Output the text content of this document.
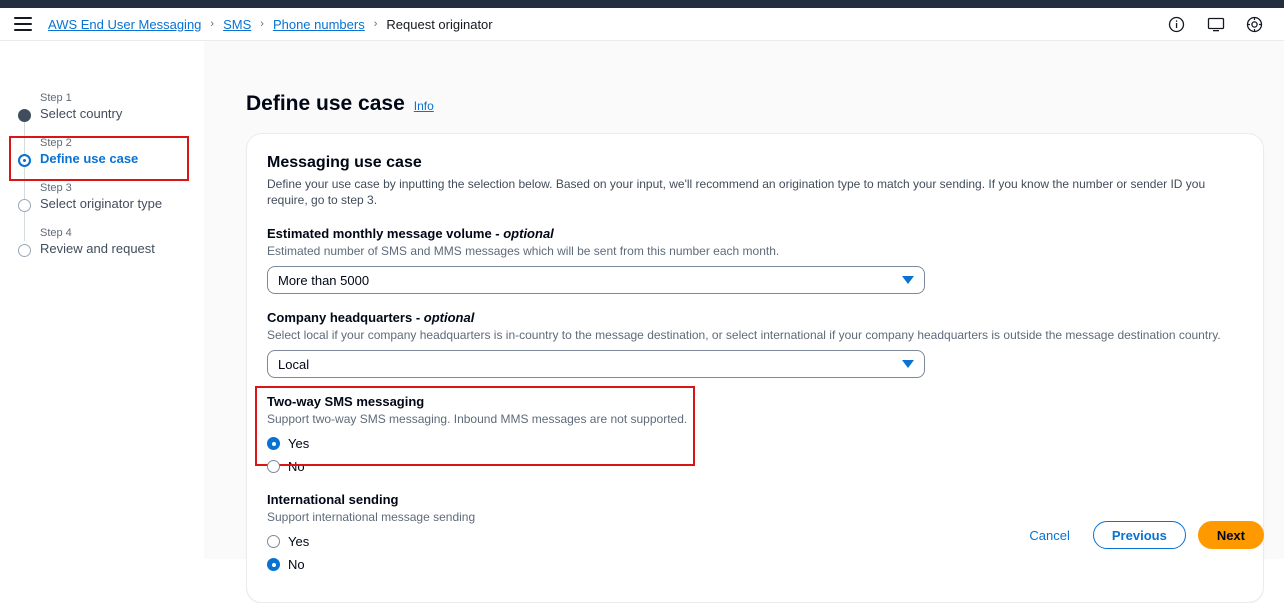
AWS End User Messaging › SMS › Phone numbers › Request originator
Step 1
Select country
Step 2
Define use case
Step 3
Select originator type
Step 4
Review and request
Define use case Info
Messaging use case

Define your use case by inputting the selection below. Based on your input, we'll recommend an origination type to match your sending. If you know the number or sender ID you require, go to step 3.

Estimated monthly message volume - optional
Estimated number of SMS and MMS messages which will be sent from this number each month.
More than 5000
Company headquarters - optional
Select local if your company headquarters is in-country to the message destination, or select international if your company headquarters is outside the message destination country.
Local
Two-way SMS messaging
Support two-way SMS messaging. Inbound MMS messages are not supported.
Yes
No
International sending
Support international message sending
Yes
No
Cancel	Previous	Next
